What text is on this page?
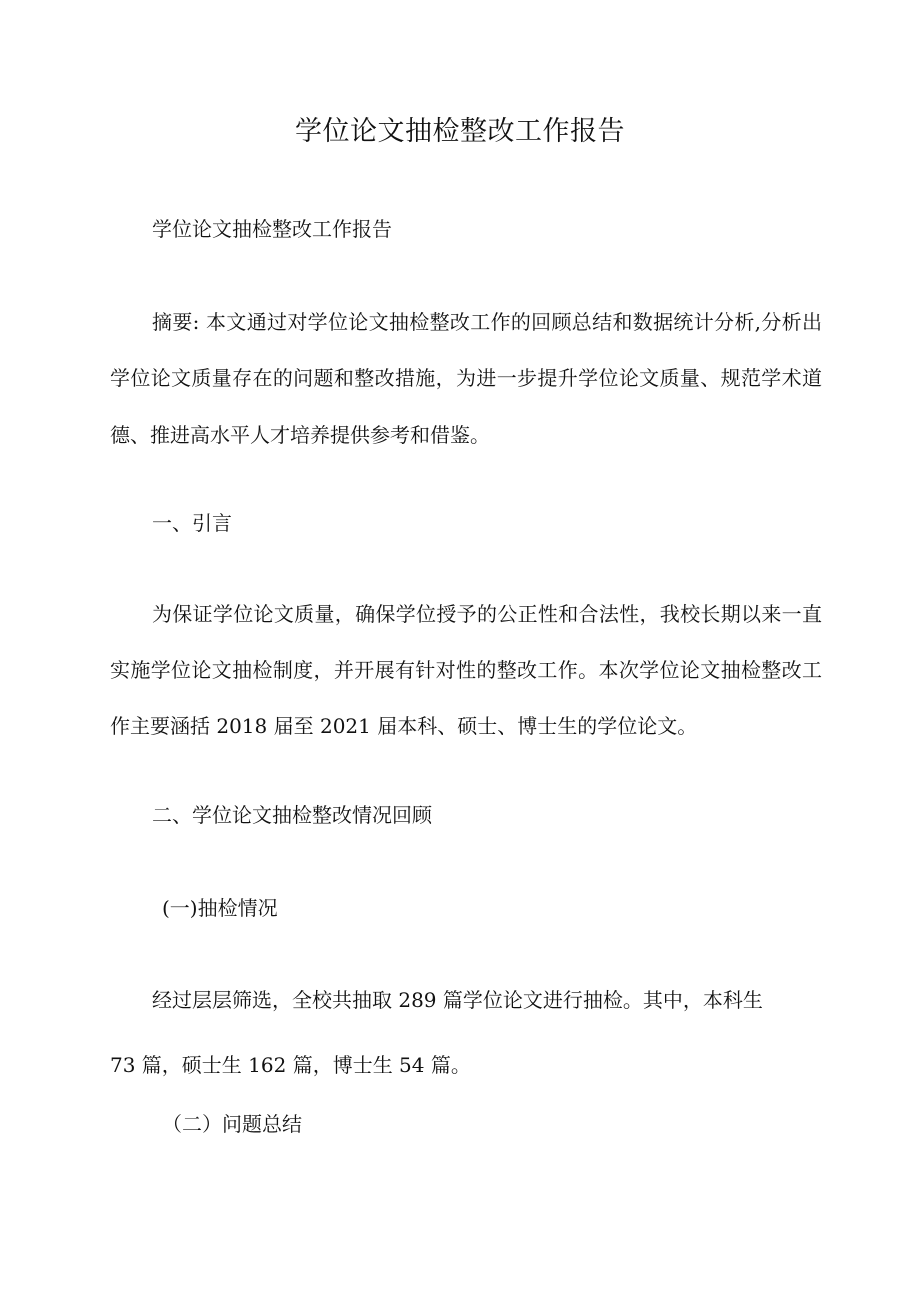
学位论文抽检整改工作报告
学位论文抽检整改工作报告
摘要: 本文通过对学位论文抽检整改工作的回顾总结和数据统计分析,分析出
学位论文质量存在的问题和整改措施，为进一步提升学位论文质量、规范学术道
德、推进高水平人才培养提供参考和借鉴。
一、引言
为保证学位论文质量，确保学位授予的公正性和合法性，我校长期以来一直
实施学位论文抽检制度，并开展有针对性的整改工作。本次学位论文抽检整改工
作主要涵括 2018 届至 2021 届本科、硕士、博士生的学位论文。
二、学位论文抽检整改情况回顾
(一)抽检情况
经过层层筛选，全校共抽取 289 篇学位论文进行抽检。其中，本科生
73 篇，硕士生 162 篇，博士生 54 篇。
（二）问题总结
